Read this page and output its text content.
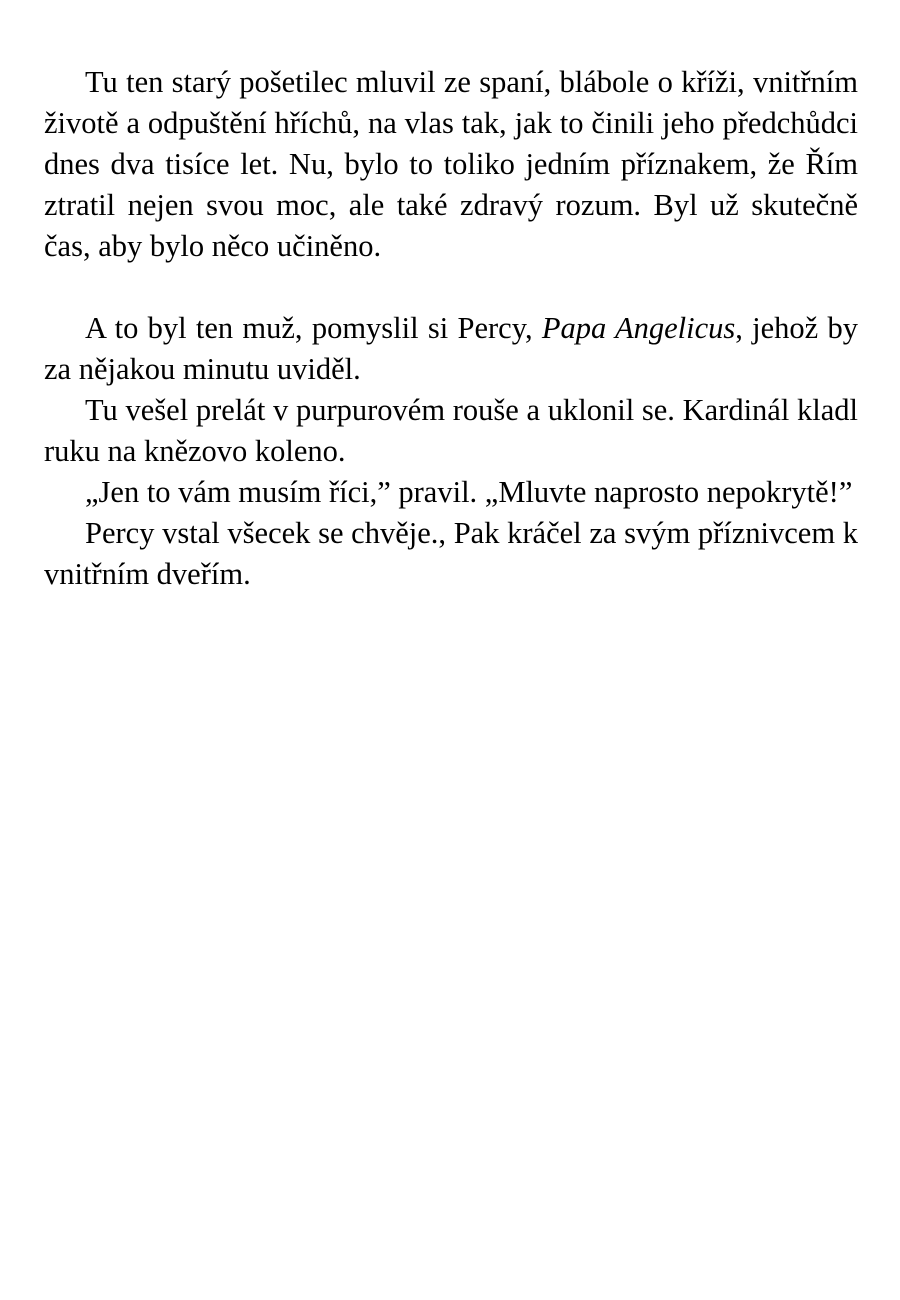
Tu ten starý pošetilec mluvil ze spaní, blábole o kříži, vnitřním životě a odpuštění hříchů, na vlas tak, jak to činili jeho předchůdci dnes dva tisíce let. Nu, bylo to toliko jedním příznakem, že Řím ztratil nejen svou moc, ale také zdravý rozum. Byl už skutečně čas, aby bylo něco učiněno.

A to byl ten muž, pomyslil si Percy, Papa Angelicus, jehož by za nějakou minutu uviděl.

Tu vešel prelát v purpurovém rouše a uklonil se. Kardinál kladl ruku na knězovo koleno.

„Jen to vám musím říci,” pravil. „Mluvte naprosto nepokrytě!”

Percy vstal všecek se chvěje., Pak kráčel za svým příznivcem k vnitřním dveřím.
